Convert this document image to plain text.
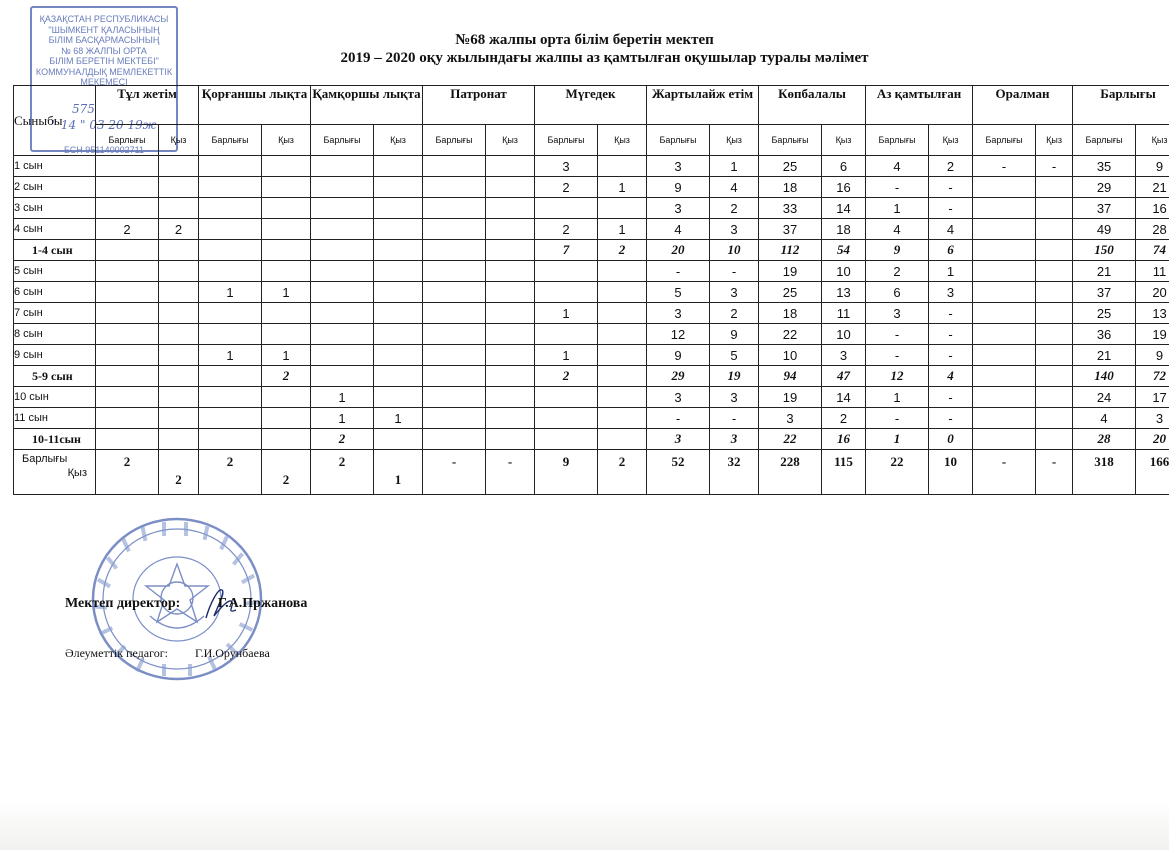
ҚАЗАҚСТАН РЕСПУБЛИКАСЫ
"ШЫМКЕНТ ҚАЛАСЫНЫҢ
БІЛІМ БАСҚАРМАСЫНЫҢ
№ 68 ЖАЛПЫ ОРТА
БІЛІМ БЕРЕТІН МЕКТЕБІ"
КОММУНАЛДЫҚ МЕМЛЕКЕТТІК
МЕКЕМЕСІ
575
" 14 " 03 20 19ж
БСН 951140002711
№68 жалпы орта білім беретін мектеп
2019 – 2020 оқу жылындағы жалпы аз қамтылған оқушылар туралы мәлімет
Сыныбы	Тұл жетім		Қорғаншы лықта		Қамқоршы лықта		Патронат		Мүгедек		Жартылайж етім		Көпбалалы		Аз қамтылған		Оралман		Барлығы	
	Барлығы	Қыз	Барлығы	Қыз	Барлығы	Қыз	Барлығы	Қыз	Барлығы	Қыз	Барлығы	Қыз	Барлығы	Қыз	Барлығы	Қыз	Барлығы	Қыз	Барлығы	Қыз
1 сын									3		3	1	25	6	4	2	-	-	35	9
2 сын									2	1	9	4	18	16	-	-			29	21
3 сын											3	2	33	14	1	-			37	16
4 сын	2	2							2	1	4	3	37	18	4	4			49	28
1-4 сын									7	2	20	10	112	54	9	6			150	74
5 сын											-	-	19	10	2	1			21	11
6 сын			1	1							5	3	25	13	6	3			37	20
7 сын									1		3	2	18	11	3	-			25	13
8 сын											12	9	22	10	-	-			36	19
9 сын			1	1					1		9	5	10	3	-	-			21	9
5-9 сын				2					2		29	19	94	47	12	4			140	72
10 сын					1						3	3	19	14	1	-			24	17
11 сын					1	1					-	-	3	2	-	-			4	3
10-11сын					2						3	3	22	16	1	0			28	20

Барлығы
Қыз	2	2	2	2	2	1	-	-	9	2	52	32	228	115	22	10	-	-	318	166
Мектеп директор:	Г.А.Пржанова
Әлеуметтік педагог: Г.И.Орунбаева
